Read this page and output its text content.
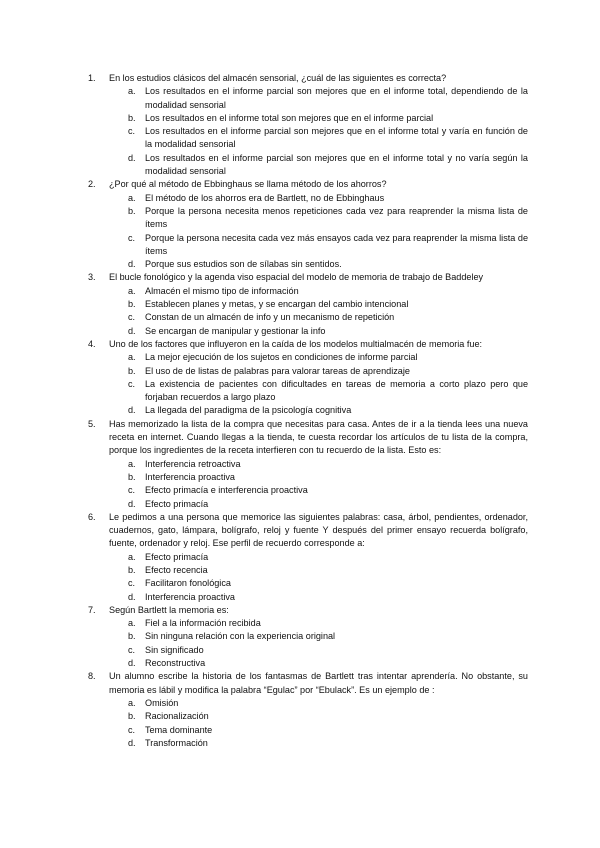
1. En los estudios clásicos del almacén sensorial, ¿cuál de las siguientes es correcta?
a. Los resultados en el informe parcial son mejores que en el informe total, dependiendo de la modalidad sensorial
b. Los resultados en el informe total son mejores que en el informe parcial
c. Los resultados en el informe parcial son mejores que en el informe total y varía en función de la modalidad sensorial
d. Los resultados en el informe parcial son mejores que en el informe total y no varía según la modalidad sensorial
2. ¿Por qué al método de Ebbinghaus se llama método de los ahorros?
a. El método de los ahorros era de Bartlett, no de Ebbinghaus
b. Porque la persona necesita menos repeticiones cada vez para reaprender la misma lista de ítems
c. Porque la persona necesita cada vez más ensayos cada vez para reaprender la misma lista de ítems
d. Porque sus estudios son de sílabas sin sentidos.
3. El bucle fonológico y la agenda viso espacial del modelo de memoria de trabajo de Baddeley
a. Almacén el mismo tipo de información
b. Establecen planes y metas, y se encargan del cambio intencional
c. Constan de un almacén de info y un mecanismo de repetición
d. Se encargan de manipular y gestionar la info
4. Uno de los factores que influyeron en la caída de los modelos multialmacén de memoria fue:
a. La mejor ejecución de los sujetos en condiciones de informe parcial
b. El uso de de listas de palabras para valorar tareas de aprendizaje
c. La existencia de pacientes con dificultades en tareas de memoria a corto plazo pero que forjaban recuerdos a largo plazo
d. La llegada del paradigma de la psicología cognitiva
5. Has memorizado la lista de la compra que necesitas para casa. Antes de ir a la tienda lees una nueva receta en internet. Cuando llegas a la tienda, te cuesta recordar los artículos de tu lista de la compra, porque los ingredientes de la receta interfieren con tu recuerdo de la lista. Esto es:
a. Interferencia retroactiva
b. Interferencia proactiva
c. Efecto primacía e interferencia proactiva
d. Efecto primacía
6. Le pedimos a una persona que memorice las siguientes palabras: casa, árbol, pendientes, ordenador, cuadernos, gato, lámpara, bolígrafo, reloj y fuente Y después del primer ensayo recuerda bolígrafo, fuente, ordenador y reloj. Ese perfil de recuerdo corresponde a:
a. Efecto primacía
b. Efecto recencia
c. Facilitaron fonológica
d. Interferencia proactiva
7. Según Bartlett la memoria es:
a. Fiel a la información recibida
b. Sin ninguna relación con la experiencia original
c. Sin significado
d. Reconstructiva
8. Un alumno escribe la historia de los fantasmas de Bartlett tras intentar aprendería. No obstante, su memoria es lábil y modifica la palabra “Egulac” por “Ebulack”. Es un ejemplo de :
a. Omisión
b. Racionalización
c. Tema dominante
d. Transformación
